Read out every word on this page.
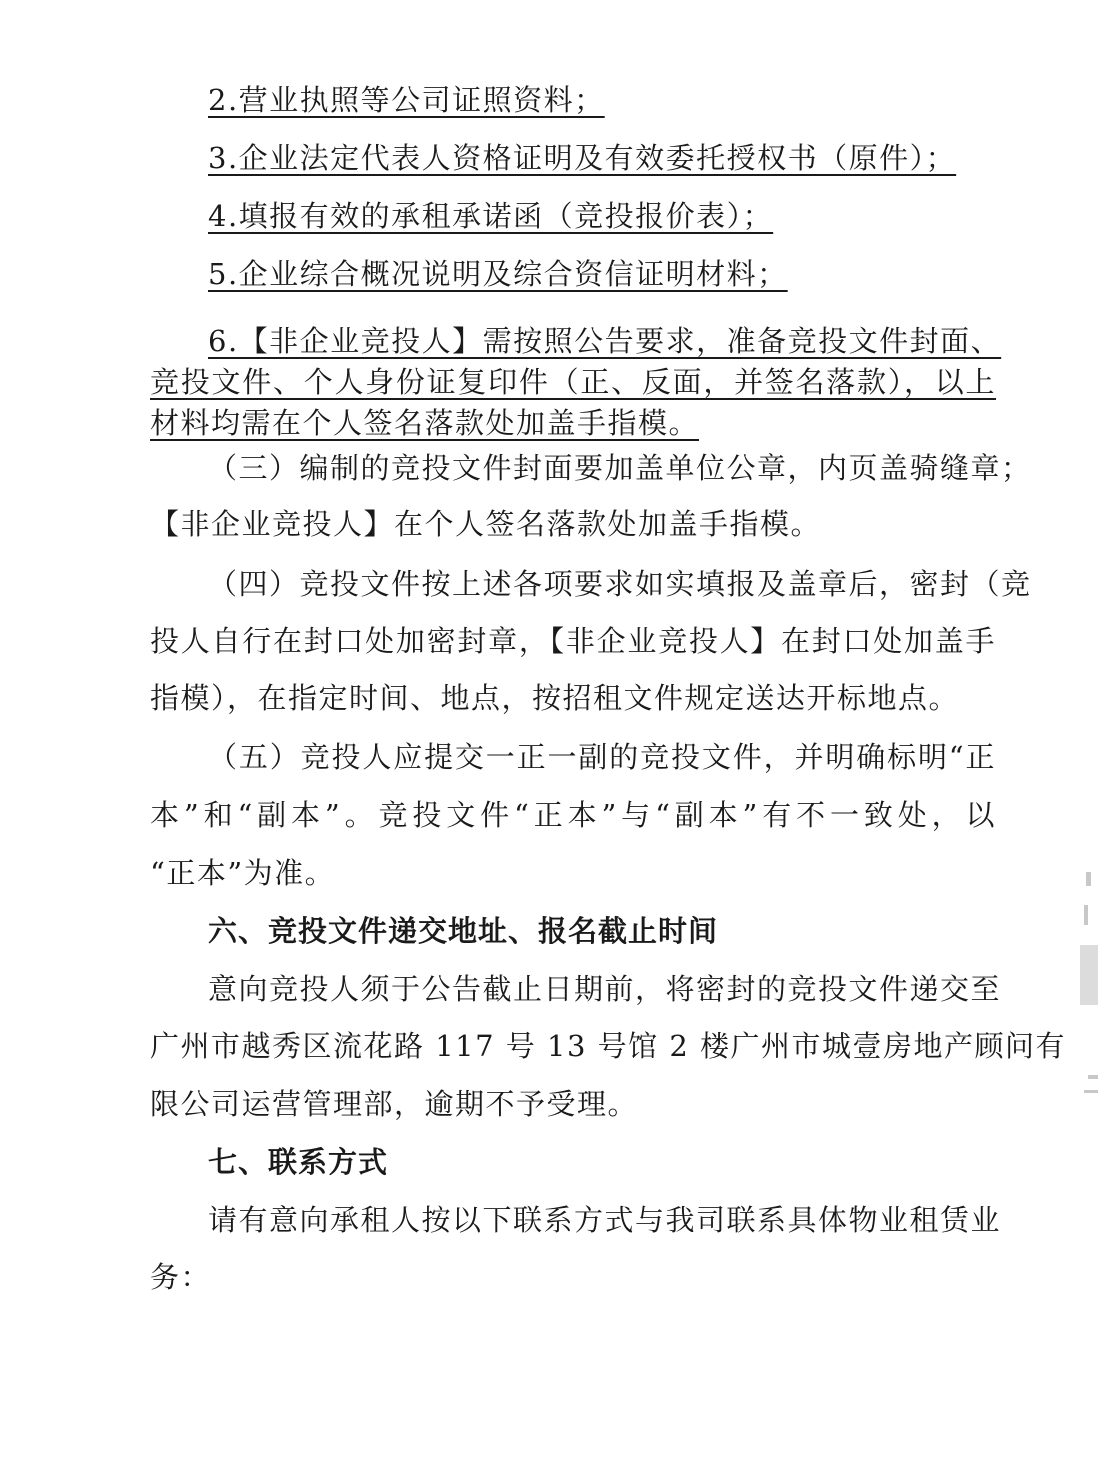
2.营业执照等公司证照资料；
3.企业法定代表人资格证明及有效委托授权书（原件）；
4.填报有效的承租承诺函（竞投报价表）；
5.企业综合概况说明及综合资信证明材料；
6.【非企业竞投人】需按照公告要求，准备竞投文件封面、
竞投文件、个人身份证复印件（正、反面，并签名落款），以上
材料均需在个人签名落款处加盖手指模。
（三）编制的竞投文件封面要加盖单位公章，内页盖骑缝章；
【非企业竞投人】在个人签名落款处加盖手指模。
（四）竞投文件按上述各项要求如实填报及盖章后，密封（竞
投人自行在封口处加密封章，【非企业竞投人】在封口处加盖手
指模），在指定时间、地点，按招租文件规定送达开标地点。
（五）竞投人应提交一正一副的竞投文件，并明确标明“正
本”和“副本”。竞投文件“正本”与“副本”有不一致处，以
“正本”为准。
六、竞投文件递交地址、报名截止时间
意向竞投人须于公告截止日期前，将密封的竞投文件递交至
广州市越秀区流花路 117 号 13 号馆 2 楼广州市城壹房地产顾问有
限公司运营管理部，逾期不予受理。
七、联系方式
请有意向承租人按以下联系方式与我司联系具体物业租赁业
务：
